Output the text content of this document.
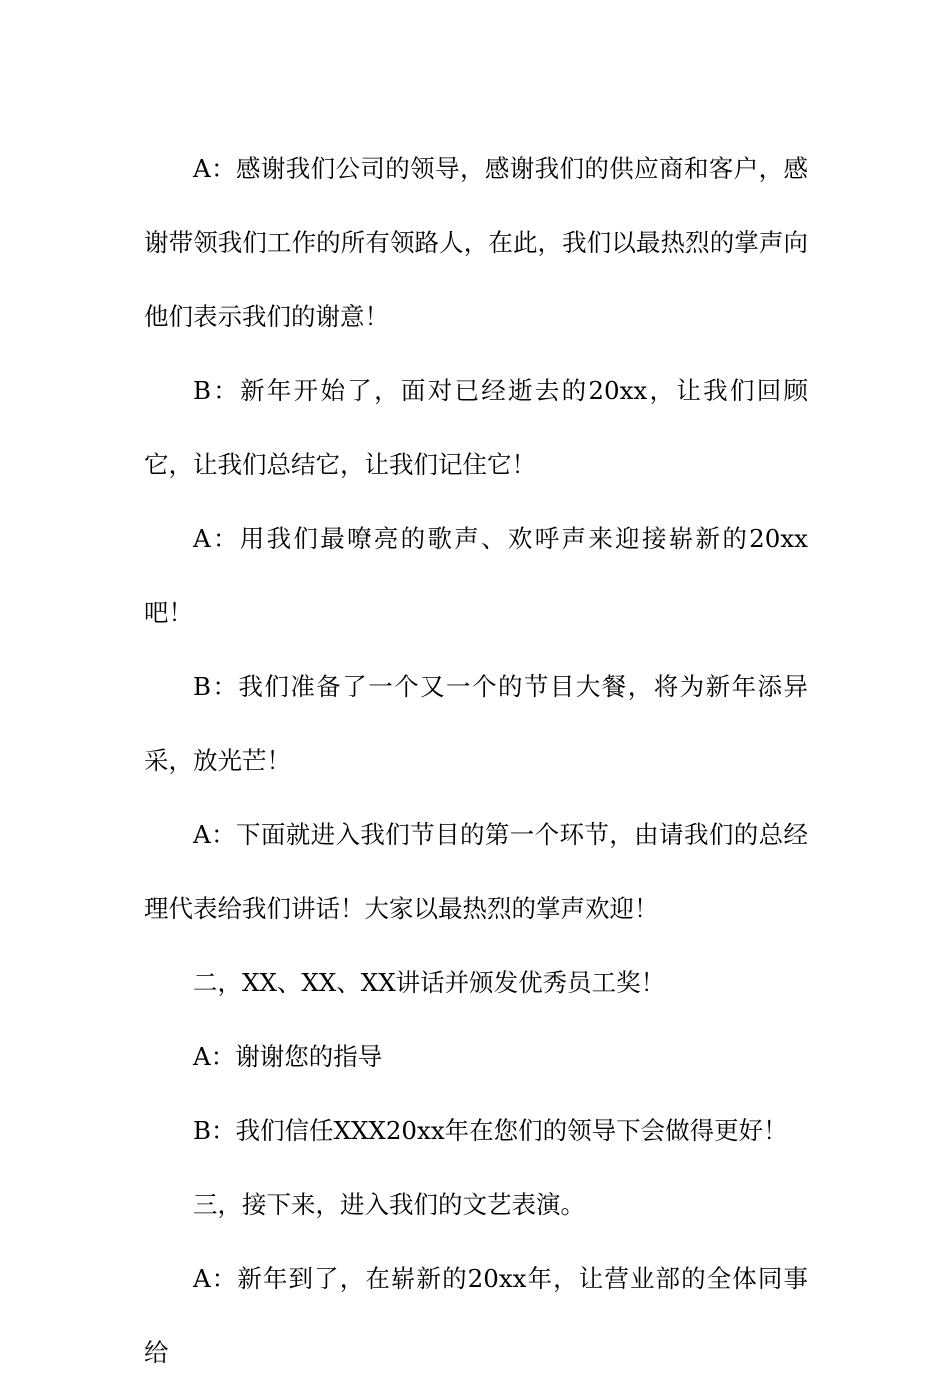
A：感谢我们公司的领导，感谢我们的供应商和客户，感谢带领我们工作的所有领路人，在此，我们以最热烈的掌声向他们表示我们的谢意！

B：新年开始了，面对已经逝去的20xx，让我们回顾它，让我们总结它，让我们记住它！

A：用我们最嘹亮的歌声、欢呼声来迎接崭新的20xx吧！

B：我们准备了一个又一个的节目大餐，将为新年添异采，放光芒！

A：下面就进入我们节目的第一个环节，由请我们的总经理代表给我们讲话！大家以最热烈的掌声欢迎！

二，XX、XX、XX讲话并颁发优秀员工奖！

A：谢谢您的指导

B：我们信任XXX20xx年在您们的领导下会做得更好！

三，接下来，进入我们的文艺表演。

A：新年到了，在崭新的20xx年，让营业部的全体同事给
